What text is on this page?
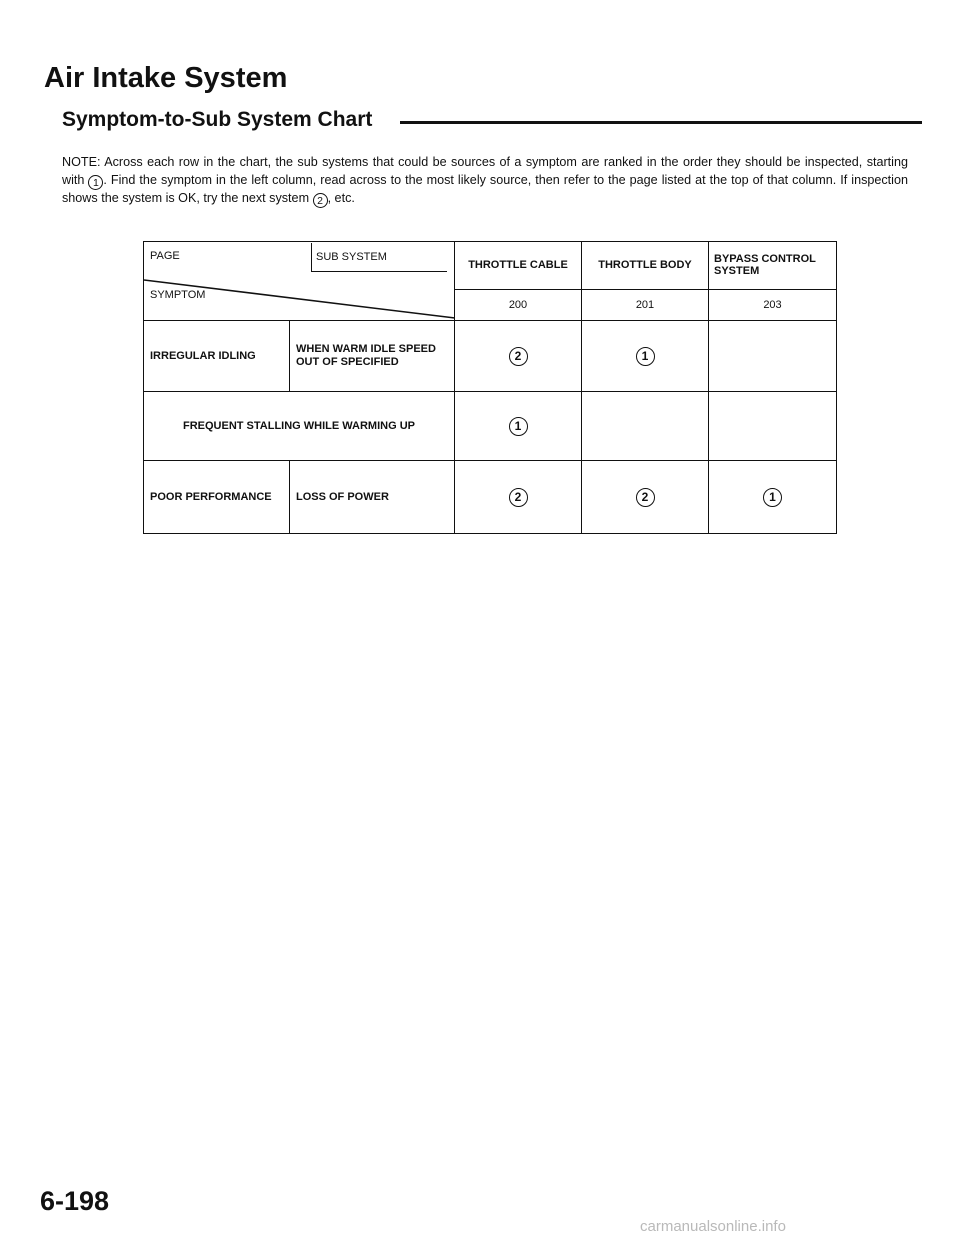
Air Intake System
Symptom-to-Sub System Chart

NOTE: Across each row in the chart, the sub systems that could be sources of a symptom are ranked in the order they should be inspected, starting with 1 . Find the symptom in the left column, read across to the most likely source, then refer to the page listed at the top of that column. If inspection shows the system is OK, try the next system 2 , etc.

PAGE SUB SYSTEM
SYMPTOM		THROTTLE CABLE	THROTTLE BODY	BYPASS CONTROL SYSTEM
		200	201	203
IRREGULAR IDLING	WHEN WARM IDLE SPEED OUT OF SPECIFIED	2	1	
FREQUENT STALLING WHILE WARMING UP		1		
POOR PERFORMANCE	LOSS OF POWER	2	2	1

6-198

carmanualsonline.info
